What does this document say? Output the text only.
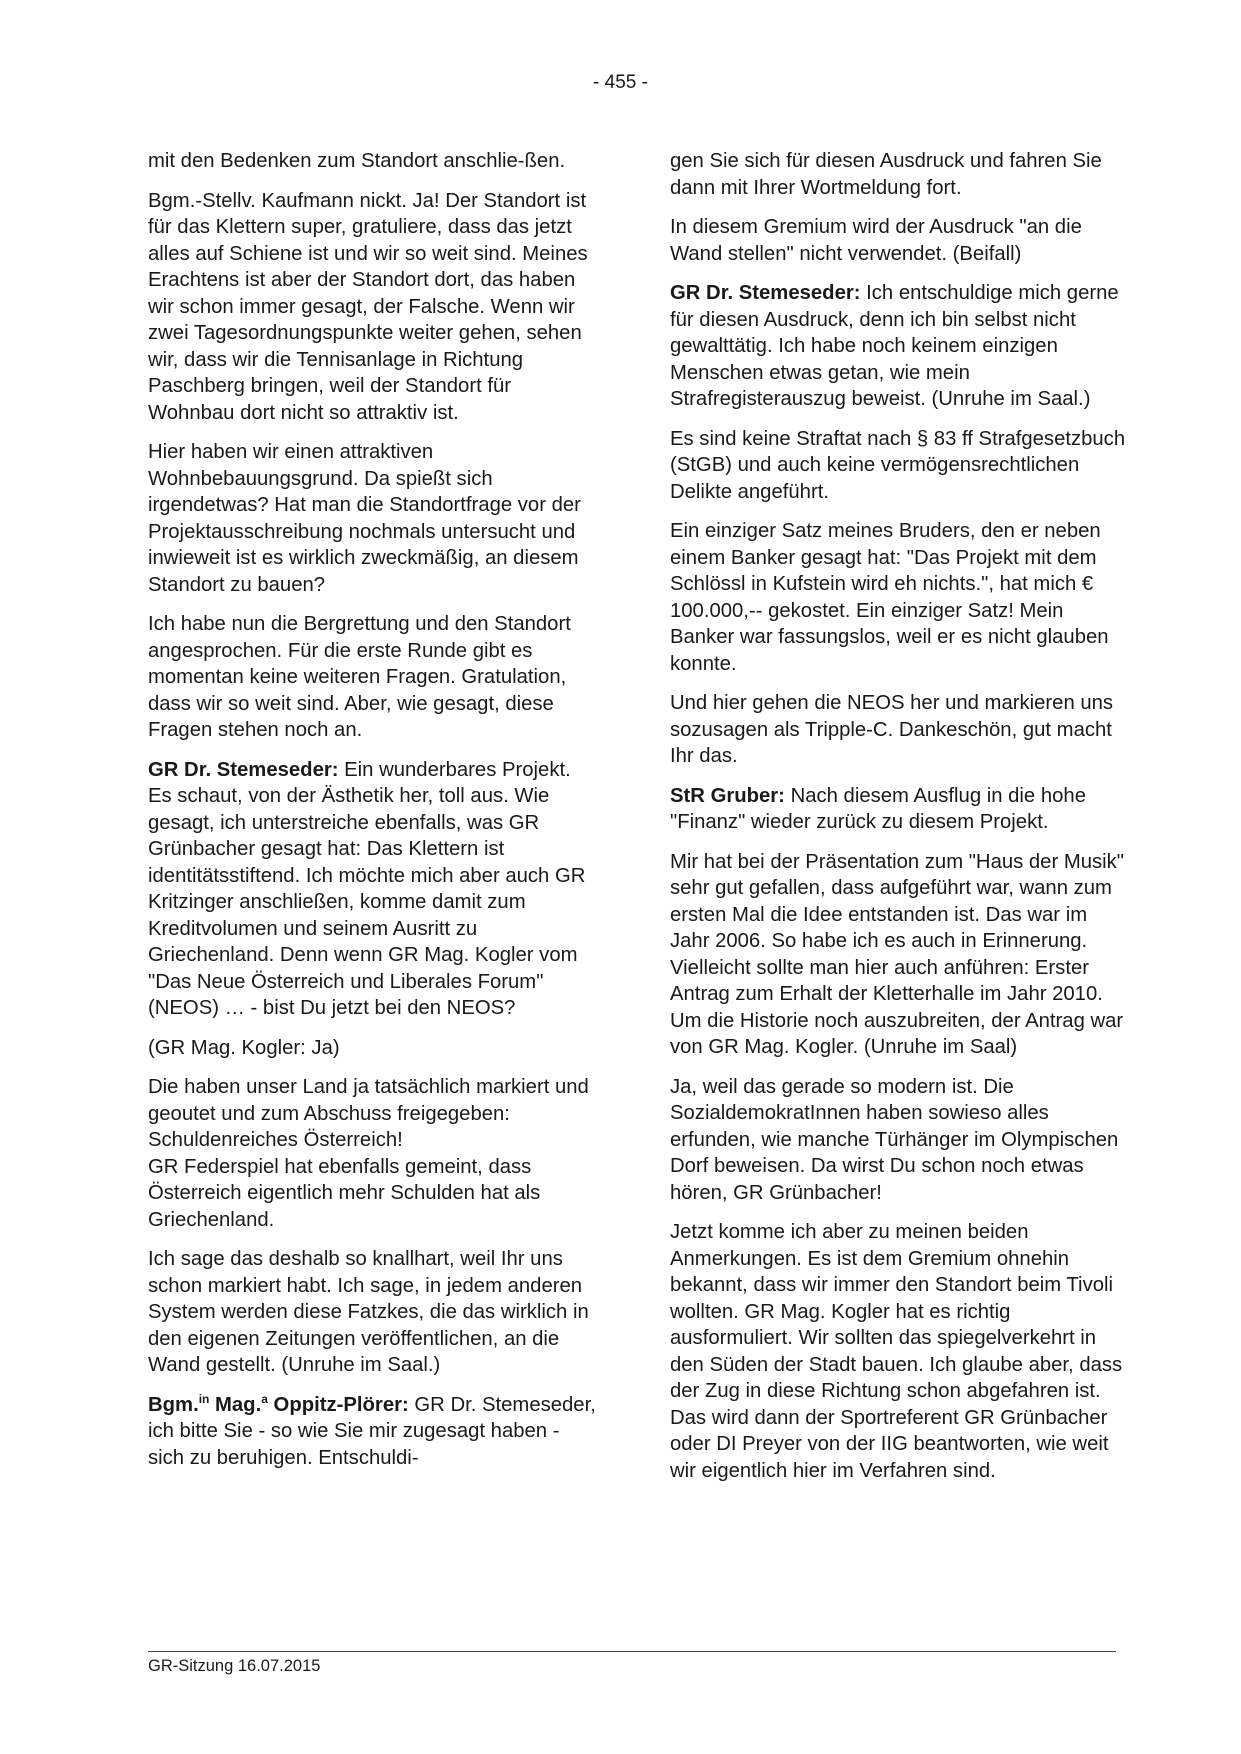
- 455 -

mit den Bedenken zum Standort anschlie-ßen.

Bgm.-Stellv. Kaufmann nickt. Ja! Der Standort ist für das Klettern super, gratuliere, dass das jetzt alles auf Schiene ist und wir so weit sind. Meines Erachtens ist aber der Standort dort, das haben wir schon immer gesagt, der Falsche. Wenn wir zwei Tagesordnungspunkte weiter gehen, sehen wir, dass wir die Tennisanlage in Richtung Paschberg bringen, weil der Standort für Wohnbau dort nicht so attraktiv ist.

Hier haben wir einen attraktiven Wohnbebauungsgrund. Da spießt sich irgendetwas? Hat man die Standortfrage vor der Projektausschreibung nochmals untersucht und inwieweit ist es wirklich zweckmäßig, an diesem Standort zu bauen?

Ich habe nun die Bergrettung und den Standort angesprochen. Für die erste Runde gibt es momentan keine weiteren Fragen. Gratulation, dass wir so weit sind. Aber, wie gesagt, diese Fragen stehen noch an.

GR Dr. Stemeseder: Ein wunderbares Projekt. Es schaut, von der Ästhetik her, toll aus. Wie gesagt, ich unterstreiche ebenfalls, was GR Grünbacher gesagt hat: Das Klettern ist identitätsstiftend. Ich möchte mich aber auch GR Kritzinger anschließen, komme damit zum Kreditvolumen und seinem Ausritt zu Griechenland. Denn wenn GR Mag. Kogler vom "Das Neue Österreich und Liberales Forum" (NEOS) … - bist Du jetzt bei den NEOS?

(GR Mag. Kogler: Ja)

Die haben unser Land ja tatsächlich markiert und geoutet und zum Abschuss freigegeben: Schuldenreiches Österreich!

GR Federspiel hat ebenfalls gemeint, dass Österreich eigentlich mehr Schulden hat als Griechenland.

Ich sage das deshalb so knallhart, weil Ihr uns schon markiert habt. Ich sage, in jedem anderen System werden diese Fatzkes, die das wirklich in den eigenen Zeitungen veröffentlichen, an die Wand gestellt. (Unruhe im Saal.)

Bgm.$^{in}$ Mag.$^a$ Oppitz-Plörer: GR Dr. Stemeseder, ich bitte Sie - so wie Sie mir zugesagt haben - sich zu beruhigen. Entschuldi-

gen Sie sich für diesen Ausdruck und fahren Sie dann mit Ihrer Wortmeldung fort.

In diesem Gremium wird der Ausdruck "an die Wand stellen" nicht verwendet. (Beifall)

GR Dr. Stemeseder: Ich entschuldige mich gerne für diesen Ausdruck, denn ich bin selbst nicht gewalttätig. Ich habe noch keinem einzigen Menschen etwas getan, wie mein Strafregisterauszug beweist. (Unruhe im Saal.)

Es sind keine Straftat nach § 83 ff Strafgesetzbuch (StGB) und auch keine vermögensrechtlichen Delikte angeführt.

Ein einziger Satz meines Bruders, den er neben einem Banker gesagt hat: "Das Projekt mit dem Schlössl in Kufstein wird eh nichts.", hat mich € 100.000,-- gekostet. Ein einziger Satz! Mein Banker war fassungslos, weil er es nicht glauben konnte.

Und hier gehen die NEOS her und markieren uns sozusagen als Tripple-C. Dankeschön, gut macht Ihr das.

StR Gruber: Nach diesem Ausflug in die hohe "Finanz" wieder zurück zu diesem Projekt.

Mir hat bei der Präsentation zum "Haus der Musik" sehr gut gefallen, dass aufgeführt war, wann zum ersten Mal die Idee entstanden ist. Das war im Jahr 2006. So habe ich es auch in Erinnerung. Vielleicht sollte man hier auch anführen: Erster Antrag zum Erhalt der Kletterhalle im Jahr 2010. Um die Historie noch auszubreiten, der Antrag war von GR Mag. Kogler. (Unruhe im Saal)

Ja, weil das gerade so modern ist. Die SozialdemokratInnen haben sowieso alles erfunden, wie manche Türhänger im Olympischen Dorf beweisen. Da wirst Du schon noch etwas hören, GR Grünbacher!

Jetzt komme ich aber zu meinen beiden Anmerkungen. Es ist dem Gremium ohnehin bekannt, dass wir immer den Standort beim Tivoli wollten. GR Mag. Kogler hat es richtig ausformuliert. Wir sollten das spiegelverkehrt in den Süden der Stadt bauen. Ich glaube aber, dass der Zug in diese Richtung schon abgefahren ist. Das wird dann der Sportreferent GR Grünbacher oder DI Preyer von der IIG beantworten, wie weit wir eigentlich hier im Verfahren sind.

GR-Sitzung 16.07.2015
